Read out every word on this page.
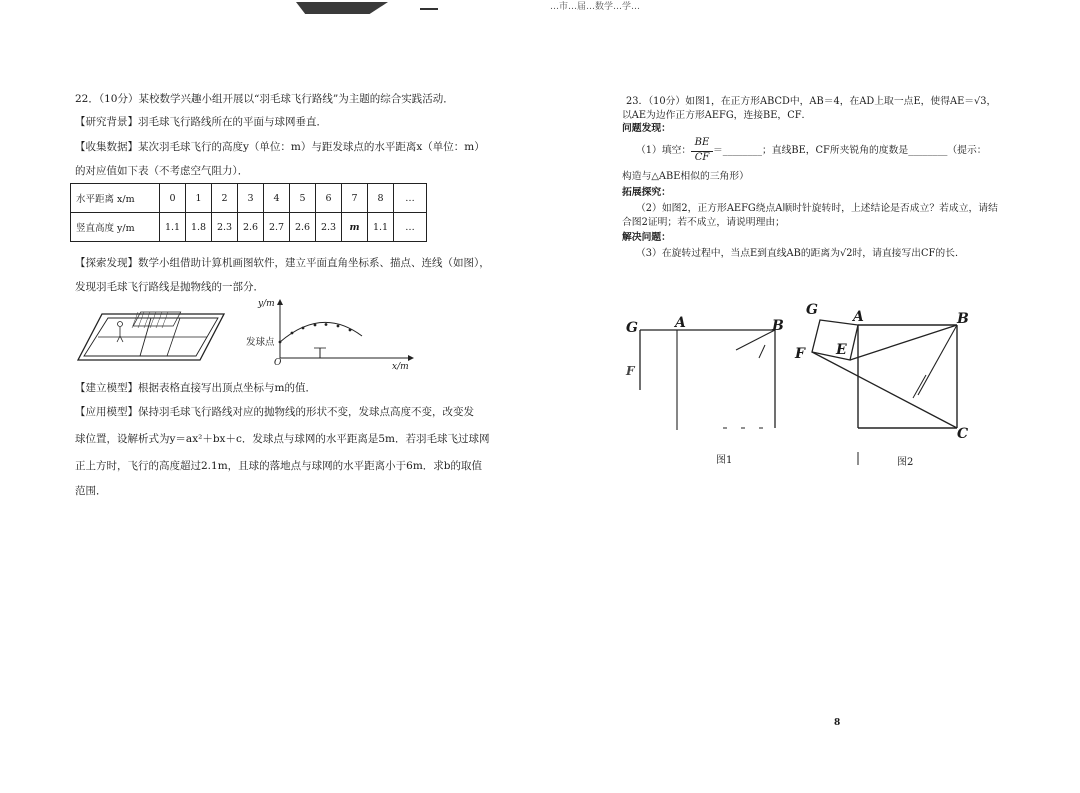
…市…届…数学…学…
22．（10分）某校数学兴趣小组开展以“羽毛球飞行路线”为主题的综合实践活动．
【研究背景】羽毛球飞行路线所在的平面与球网垂直．
【收集数据】某次羽毛球飞行的高度y（单位：m）与距发球点的水平距离x（单位：m）
的对应值如下表（不考虑空气阻力）．
水平距离 x/m	0	1	2	3	4	5	6	7	8	…
竖直高度 y/m	1.1	1.8	2.3	2.6	2.7	2.6	2.3	m	1.1	…
【探索发现】数学小组借助计算机画图软件，建立平面直角坐标系、描点、连线（如图），
发现羽毛球飞行路线是抛物线的一部分．
y/m
x/m
O
发球点
【建立模型】根据表格直接写出顶点坐标与m的值．
【应用模型】保持羽毛球飞行路线对应的抛物线的形状不变，发球点高度不变，改变发
球位置，设解析式为y＝ax²＋bx＋c．发球点与球网的水平距离是5m．若羽毛球飞过球网
正上方时，飞行的高度超过2.1m，且球的落地点与球网的水平距离小于6m．求b的取值
范围．
23．（10分）如图1，在正方形ABCD中，AB＝4，在AD上取一点E，使得AE＝√3，
以AE为边作正方形AEFG，连接BE，CF．
问题发现：
（1）填空：
BE
CF
＝________；直线BE，CF所夹锐角的度数是________（提示：
构造与△ABE相似的三角形）
拓展探究：
（2）如图2，正方形AEFG绕点A顺时针旋转时，上述结论是否成立？若成立，请结
合图2证明；若不成立，请说明理由；
解决问题：
（3）在旋转过程中，当点E到直线AB的距离为√2时，请直接写出CF的长．
G	A	B
F
图1
G	A	B
E
F
C
图2
8
